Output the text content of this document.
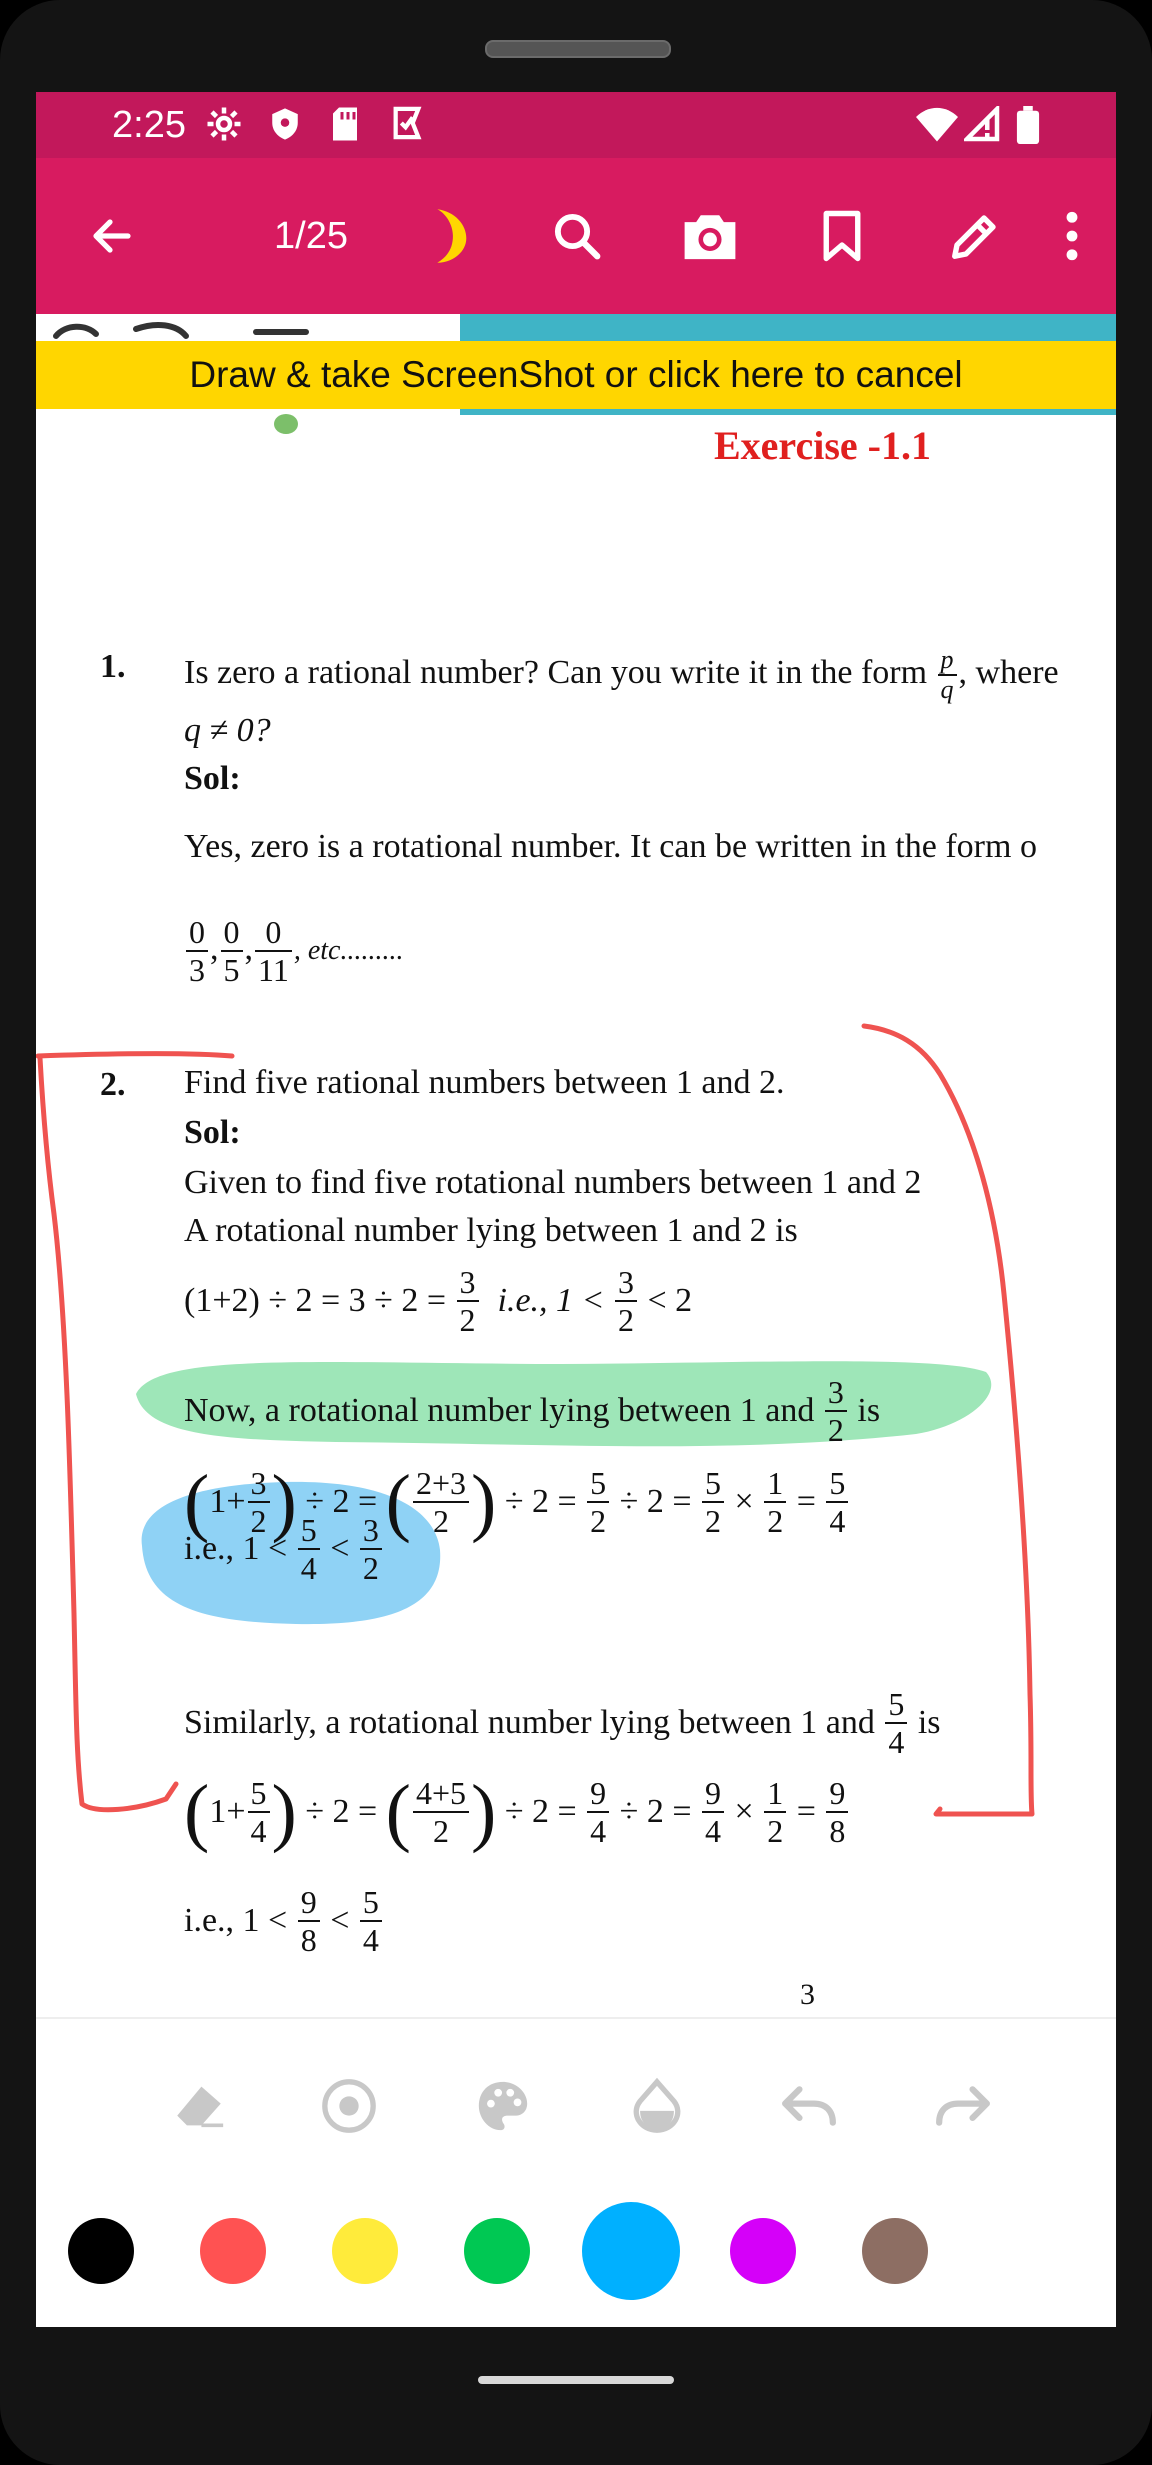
2:25
1/25
Draw & take ScreenShot or click here to cancel
Exercise -1.1
1. Is zero a rational number? Can you write it in the form $\frac{p}{q}$ , where
q ≠ 0?
Sol:
Yes, zero is a rotational number. It can be written in the form o
$\frac{0}{3}$ , $\frac{0}{5}$ , $\frac{0}{11}$ , etc.........
2. Find five rational numbers between 1 and 2.
Sol:
Given to find five rotational numbers between 1 and 2
A rotational number lying between 1 and 2 is
$(1+2) \div 2 = 3 \div 2 = \frac{3}{2} i.e$., $1 < \frac{3}{2} < 2$
Now, a rotational number lying between 1 and $\frac{3}{2}$ is
($1+ \frac{3}{2}$ ) ÷ 2 = ( $\frac{2+3}{2}$ ) ÷ $2 = \frac{5}{2} \div 2 = \frac{5}{2} \times \frac{1}{2} = \frac{5}{4}$
i.e., $1 < \frac{5}{4} < \frac{3}{2}$
Similarly, a rotational number lying between 1 and $\frac{5}{4}$ is
($1+ \frac{5}{4}$ ) ÷ 2 = ( $\frac{4+5}{2}$ ) ÷ $2 = \frac{9}{4} \div 2 = \frac{9}{4} \times \frac{1}{2} = \frac{9}{8}$
i.e., $1 < \frac{9}{8} < \frac{5}{4}$
3
